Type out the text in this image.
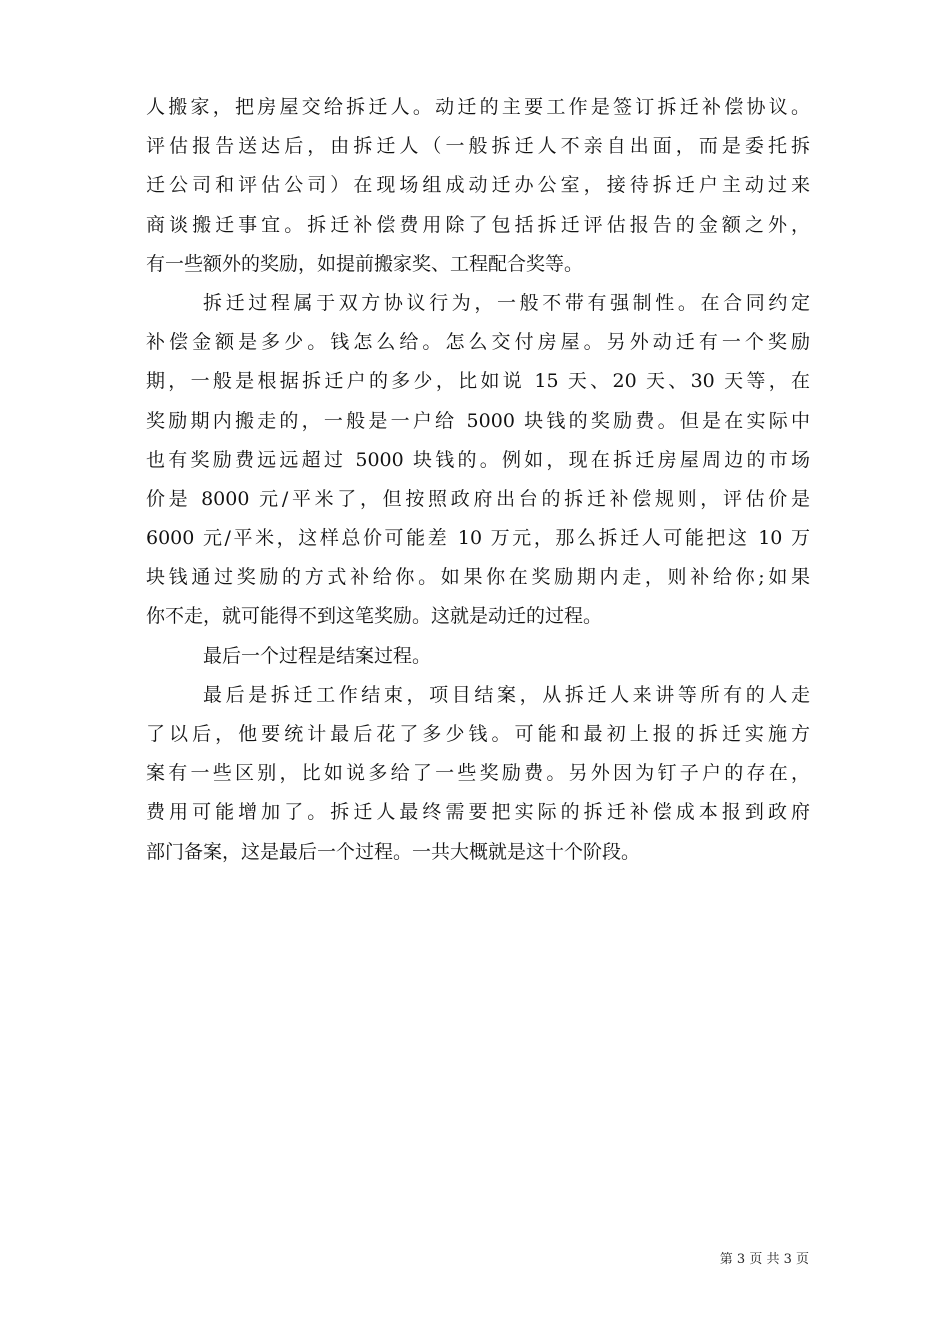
人搬家，把房屋交给拆迁人。动迁的主要工作是签订拆迁补偿协议。
评估报告送达后，由拆迁人（一般拆迁人不亲自出面，而是委托拆
迁公司和评估公司）在现场组成动迁办公室，接待拆迁户主动过来
商谈搬迁事宜。拆迁补偿费用除了包括拆迁评估报告的金额之外，
有一些额外的奖励，如提前搬家奖、工程配合奖等。
拆迁过程属于双方协议行为，一般不带有强制性。在合同约定
补偿金额是多少。钱怎么给。怎么交付房屋。另外动迁有一个奖励
期，一般是根据拆迁户的多少，比如说 15 天、20 天、30 天等，在
奖励期内搬走的，一般是一户给 5000 块钱的奖励费。但是在实际中
也有奖励费远远超过 5000 块钱的。例如，现在拆迁房屋周边的市场
价是 8000 元/平米了，但按照政府出台的拆迁补偿规则，评估价是
6000 元/平米，这样总价可能差 10 万元，那么拆迁人可能把这 10 万
块钱通过奖励的方式补给你。如果你在奖励期内走，则补给你;如果
你不走，就可能得不到这笔奖励。这就是动迁的过程。
最后一个过程是结案过程。
最后是拆迁工作结束，项目结案，从拆迁人来讲等所有的人走
了以后，他要统计最后花了多少钱。可能和最初上报的拆迁实施方
案有一些区别，比如说多给了一些奖励费。另外因为钉子户的存在，
费用可能增加了。拆迁人最终需要把实际的拆迁补偿成本报到政府
部门备案，这是最后一个过程。一共大概就是这十个阶段。
第 3 页 共 3 页
